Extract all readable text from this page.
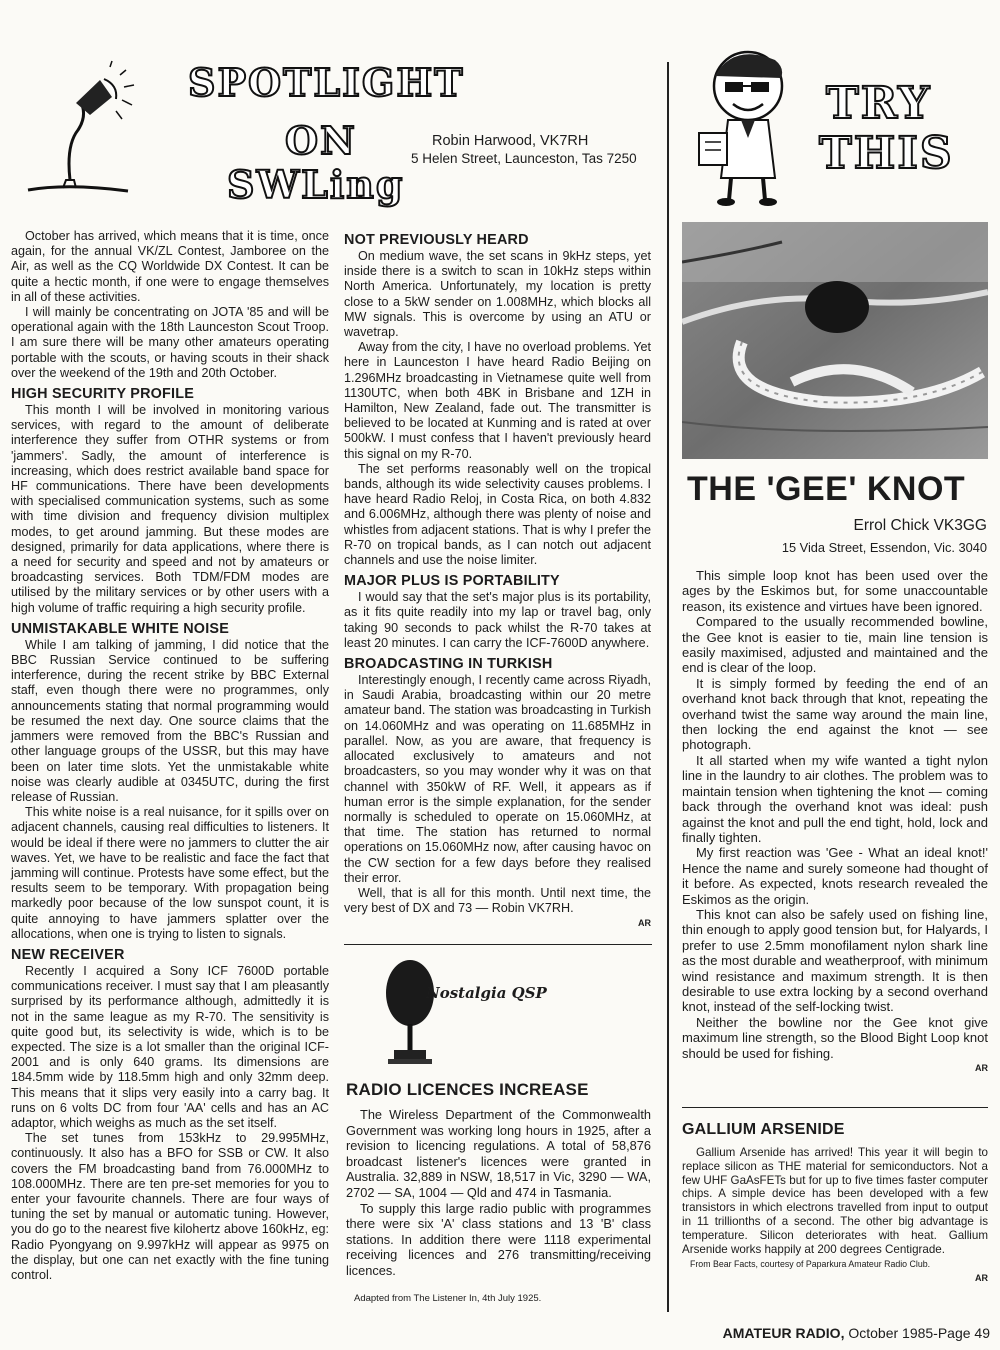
SPOTLIGHT
ON
SWLing
Robin Harwood, VK7RH
5 Helen Street, Launceston, Tas 7250

October has arrived, which means that it is time, once again, for the annual VK/ZL Contest, Jamboree on the Air, as well as the CQ Worldwide DX Contest. It can be quite a hectic month, if one were to engage themselves in all of these activities.

I will mainly be concentrating on JOTA '85 and will be operational again with the 18th Launceston Scout Troop. I am sure there will be many other amateurs operating portable with the scouts, or having scouts in their shack over the weekend of the 19th and 20th October.

HIGH SECURITY PROFILE

This month I will be involved in monitoring various services, with regard to the amount of deliberate interference they suffer from OTHR systems or from 'jammers'. Sadly, the amount of interference is increasing, which does restrict available band space for HF communications. There have been developments with specialised communication systems, such as some with time division and frequency division multiplex modes, to get around jamming. But these modes are designed, primarily for data applications, where there is a need for security and speed and not by amateurs or broadcasting services. Both TDM/FDM modes are utilised by the military services or by other users with a high volume of traffic requiring a high security profile.

UNMISTAKABLE WHITE NOISE

While I am talking of jamming, I did notice that the BBC Russian Service continued to be suffering interference, during the recent strike by BBC External staff, even though there were no programmes, only announcements stating that normal programming would be resumed the next day. One source claims that the jammers were removed from the BBC's Russian and other language groups of the USSR, but this may have been on later time slots. Yet the unmistakable white noise was clearly audible at 0345UTC, during the first release of Russian.

This white noise is a real nuisance, for it spills over on adjacent channels, causing real difficulties to listeners. It would be ideal if there were no jammers to clutter the air waves. Yet, we have to be realistic and face the fact that jamming will continue. Protests have some effect, but the results seem to be temporary. With propagation being markedly poor because of the low sunspot count, it is quite annoying to have jammers splatter over the allocations, when one is trying to listen to signals.

NEW RECEIVER

Recently I acquired a Sony ICF 7600D portable communications receiver. I must say that I am pleasantly surprised by its performance although, admittedly it is not in the same league as my R-70. The sensitivity is quite good but, its selectivity is wide, which is to be expected. The size is a lot smaller than the original ICF-2001 and is only 640 grams. Its dimensions are 184.5mm wide by 118.5mm high and only 32mm deep. This means that it slips very easily into a carry bag. It runs on 6 volts DC from four 'AA' cells and has an AC adaptor, which weighs as much as the set itself.

The set tunes from 153kHz to 29.995MHz, continuously. It also has a BFO for SSB or CW. It also covers the FM broadcasting band from 76.000MHz to 108.000MHz. There are ten pre-set memories for you to enter your favourite channels. There are four ways of tuning the set by manual or automatic tuning. However, you do go to the nearest five kilohertz above 160kHz, eg: Radio Pyongyang on 9.997kHz will appear as 9975 on the display, but one can net exactly with the fine tuning control.

NOT PREVIOUSLY HEARD

On medium wave, the set scans in 9kHz steps, yet inside there is a switch to scan in 10kHz steps within North America. Unfortunately, my location is pretty close to a 5kW sender on 1.008MHz, which blocks all MW signals. This is overcome by using an ATU or wavetrap.

Away from the city, I have no overload problems. Yet here in Launceston I have heard Radio Beijing on 1.296MHz broadcasting in Vietnamese quite well from 1130UTC, when both 4BK in Brisbane and 1ZH in Hamilton, New Zealand, fade out. The transmitter is believed to be located at Kunming and is rated at over 500kW. I must confess that I haven't previously heard this signal on my R-70.

The set performs reasonably well on the tropical bands, although its wide selectivity causes problems. I have heard Radio Reloj, in Costa Rica, on both 4.832 and 6.006MHz, although there was plenty of noise and whistles from adjacent stations. That is why I prefer the R-70 on tropical bands, as I can notch out adjacent channels and use the noise limiter.

MAJOR PLUS IS PORTABILITY

I would say that the set's major plus is its portability, as it fits quite readily into my lap or travel bag, only taking 90 seconds to pack whilst the R-70 takes at least 20 minutes. I can carry the ICF-7600D anywhere.

BROADCASTING IN TURKISH

Interestingly enough, I recently came across Riyadh, in Saudi Arabia, broadcasting within our 20 metre amateur band. The station was broadcasting in Turkish on 14.060MHz and was operating on 11.685MHz in parallel. Now, as you are aware, that frequency is allocated exclusively to amateurs and not broadcasters, so you may wonder why it was on that channel with 350kW of RF. Well, it appears as if human error is the simple explanation, for the sender normally is scheduled to operate on 15.060MHz, at that time. The station has returned to normal operations on 15.060MHz now, after causing havoc on the CW section for a few days before they realised their error.

Well, that is all for this month. Until next time, the very best of DX and 73 — Robin VK7RH.

AR
Nostalgia QSP
RADIO LICENCES INCREASE

The Wireless Department of the Commonwealth Government was working long hours in 1925, after a revision to licencing regulations. A total of 58,876 broadcast listener's licences were granted in Australia. 32,889 in NSW, 18,517 in Vic, 3290 — WA, 2702 — SA, 1004 — Qld and 474 in Tasmania.

To supply this large radio public with programmes there were six 'A' class stations and 13 'B' class stations. In addition there were 1118 experimental receiving licences and 276 transmitting/receiving licences.

Adapted from The Listener In, 4th July 1925.
TRY
THIS
THE 'GEE' KNOT
Errol Chick VK3GG
15 Vida Street, Essendon, Vic. 3040

This simple loop knot has been used over the ages by the Eskimos but, for some unaccountable reason, its existence and virtues have been ignored.

Compared to the usually recommended bowline, the Gee knot is easier to tie, main line tension is easily maximised, adjusted and maintained and the end is clear of the loop.

It is simply formed by feeding the end of an overhand knot back through that knot, repeating the overhand twist the same way around the main line, then locking the end against the knot — see photograph.

It all started when my wife wanted a tight nylon line in the laundry to air clothes. The problem was to maintain tension when tightening the knot — coming back through the overhand knot was ideal: push against the knot and pull the end tight, hold, lock and finally tighten.

My first reaction was 'Gee - What an ideal knot!' Hence the name and surely someone had thought of it before. As expected, knots research revealed the Eskimos as the origin.

This knot can also be safely used on fishing line, thin enough to apply good tension but, for Halyards, I prefer to use 2.5mm monofilament nylon shark line as the most durable and weatherproof, with minimum wind resistance and maximum strength. It is then desirable to use extra locking by a second overhand knot, instead of the self-locking twist.

Neither the bowline nor the Gee knot give maximum line strength, so the Blood Bight Loop knot should be used for fishing.

AR
GALLIUM ARSENIDE

Gallium Arsenide has arrived! This year it will begin to replace silicon as THE material for semiconductors. Not a few UHF GaAsFETs but for up to five times faster computer chips. A simple device has been developed with a few transistors in which electrons travelled from input to output in 11 trillionths of a second. The other big advantage is temperature. Silicon deteriorates with heat. Gallium Arsenide works happily at 200 degrees Centigrade.

From Bear Facts, courtesy of Paparkura Amateur Radio Club.
AR
AMATEUR RADIO, October 1985-Page 49
